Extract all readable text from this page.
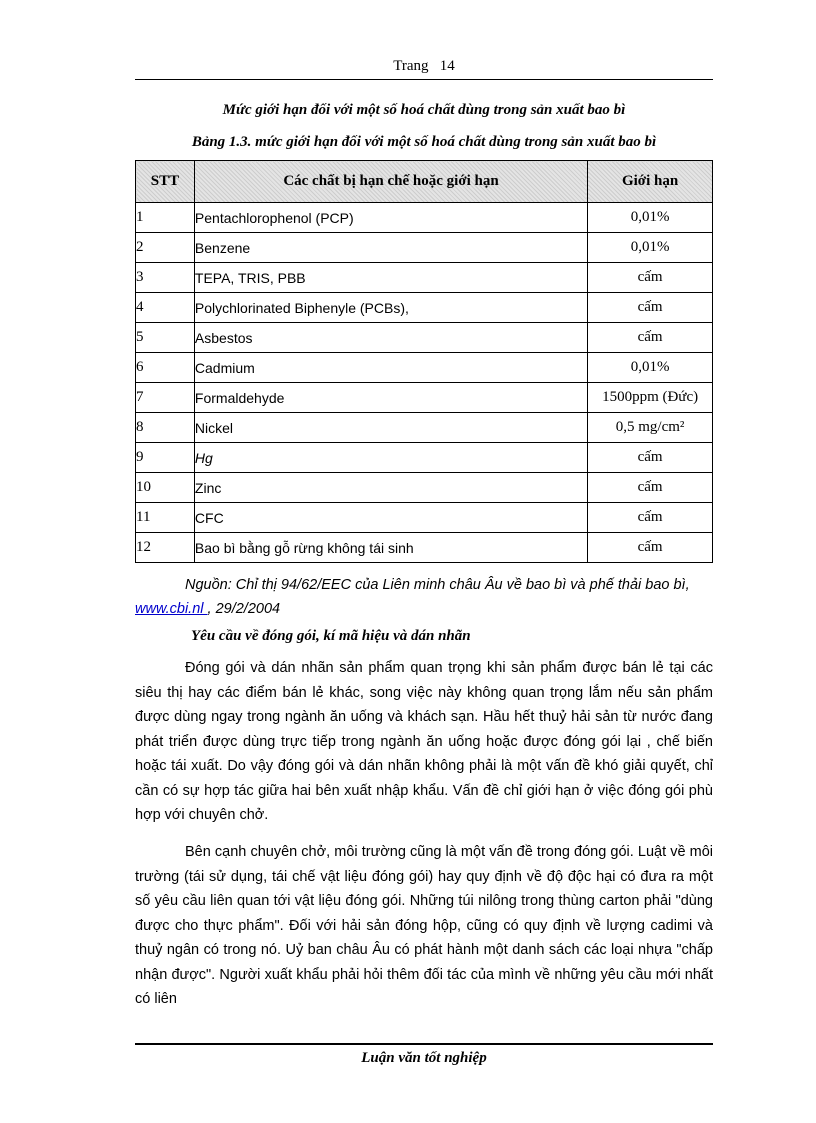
Trang   14
Mức giới hạn đối với một số hoá chất dùng trong sản xuất bao bì
Bảng 1.3. mức giới hạn đối với một số hoá chất dùng trong sản xuất bao bì
STT	Các chất bị hạn chế hoặc giới hạn	Giới hạn
1	Pentachlorophenol (PCP)	0,01%
2	Benzene	0,01%
3	TEPA, TRIS, PBB	cấm
4	Polychlorinated Biphenyle (PCBs),	cấm
5	Asbestos	cấm
6	Cadmium	0,01%
7	Formaldehyde	1500ppm (Đức)
8	Nickel	0,5 mg/cm²
9	Hg	cấm
10	Zinc	cấm
11	CFC	cấm
12	Bao bì bằng gỗ rừng không tái sinh	cấm
Nguồn: Chỉ thị 94/62/EEC của Liên minh châu Âu về bao bì và phế thải bao bì, www.cbi.nl , 29/2/2004
Yêu cầu về đóng gói, kí mã hiệu và dán nhãn
Đóng gói và dán nhãn sản phẩm quan trọng khi sản phẩm được bán lẻ tại các siêu thị hay các điểm bán lẻ khác, song việc này không quan trọng lắm nếu sản phẩm được dùng ngay trong ngành ăn uống và khách sạn. Hầu hết thuỷ hải sản từ nước đang phát triển được dùng trực tiếp trong ngành ăn uống hoặc được đóng gói lại , chế biến hoặc tái xuất. Do vậy đóng gói và dán nhãn không phải là một vấn đề khó giải quyết, chỉ cần có sự hợp tác giữa hai bên xuất nhập khẩu. Vấn đề chỉ giới hạn ở việc đóng gói phù hợp với chuyên chở.
Bên cạnh chuyên chở, môi trường cũng là một vấn đề trong đóng gói. Luật về môi trường (tái sử dụng, tái chế vật liệu đóng gói) hay quy định về độ độc hại có đưa ra một số yêu cầu liên quan tới vật liệu đóng gói. Những túi nilông trong thùng carton phải "dùng được cho thực phẩm". Đối với hải sản đóng hộp, cũng có quy định về lượng cadimi và thuỷ ngân có trong nó. Uỷ ban châu Âu có phát hành một danh sách các loại nhựa "chấp nhận được". Người xuất khẩu phải hỏi thêm đối tác của mình về những yêu cầu mới nhất có liên
Luận văn tốt nghiệp
